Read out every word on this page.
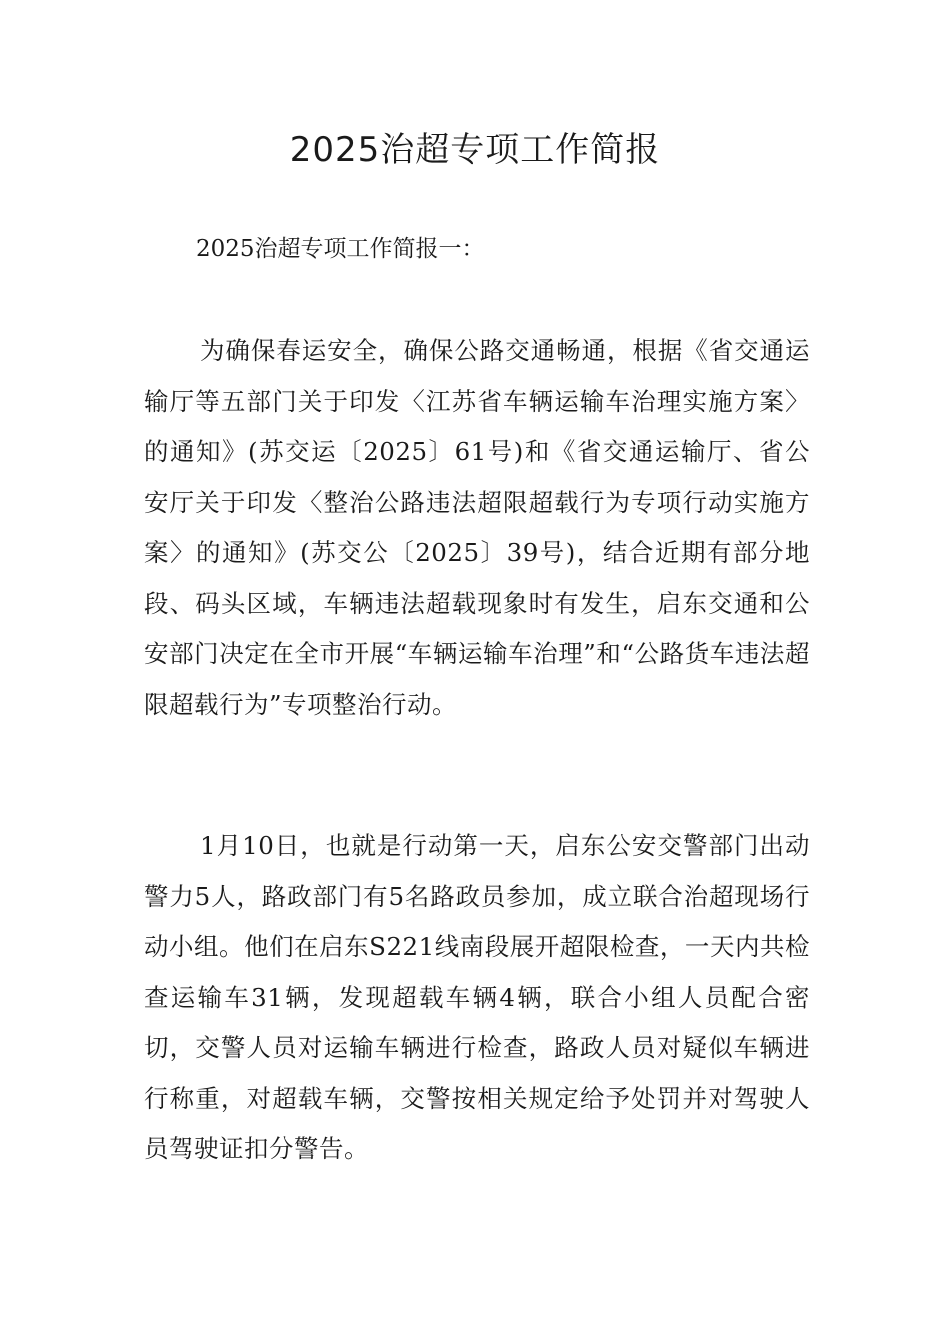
2025治超专项工作简报

2025治超专项工作简报一：

为确保春运安全，确保公路交通畅通，根据《省交通运输厅等五部门关于印发〈江苏省车辆运输车治理实施方案〉的通知》(苏交运〔2025〕61号)和《省交通运输厅、省公安厅关于印发〈整治公路违法超限超载行为专项行动实施方案〉的通知》(苏交公〔2025〕39号)，结合近期有部分地段、码头区域，车辆违法超载现象时有发生，启东交通和公安部门决定在全市开展“车辆运输车治理”和“公路货车违法超限超载行为”专项整治行动。

1月10日，也就是行动第一天，启东公安交警部门出动警力5人，路政部门有5名路政员参加，成立联合治超现场行动小组。他们在启东S221线南段展开超限检查，一天内共检查运输车31辆，发现超载车辆4辆，联合小组人员配合密切，交警人员对运输车辆进行检查，路政人员对疑似车辆进行称重，对超载车辆，交警按相关规定给予处罚并对驾驶人员驾驶证扣分警告。
